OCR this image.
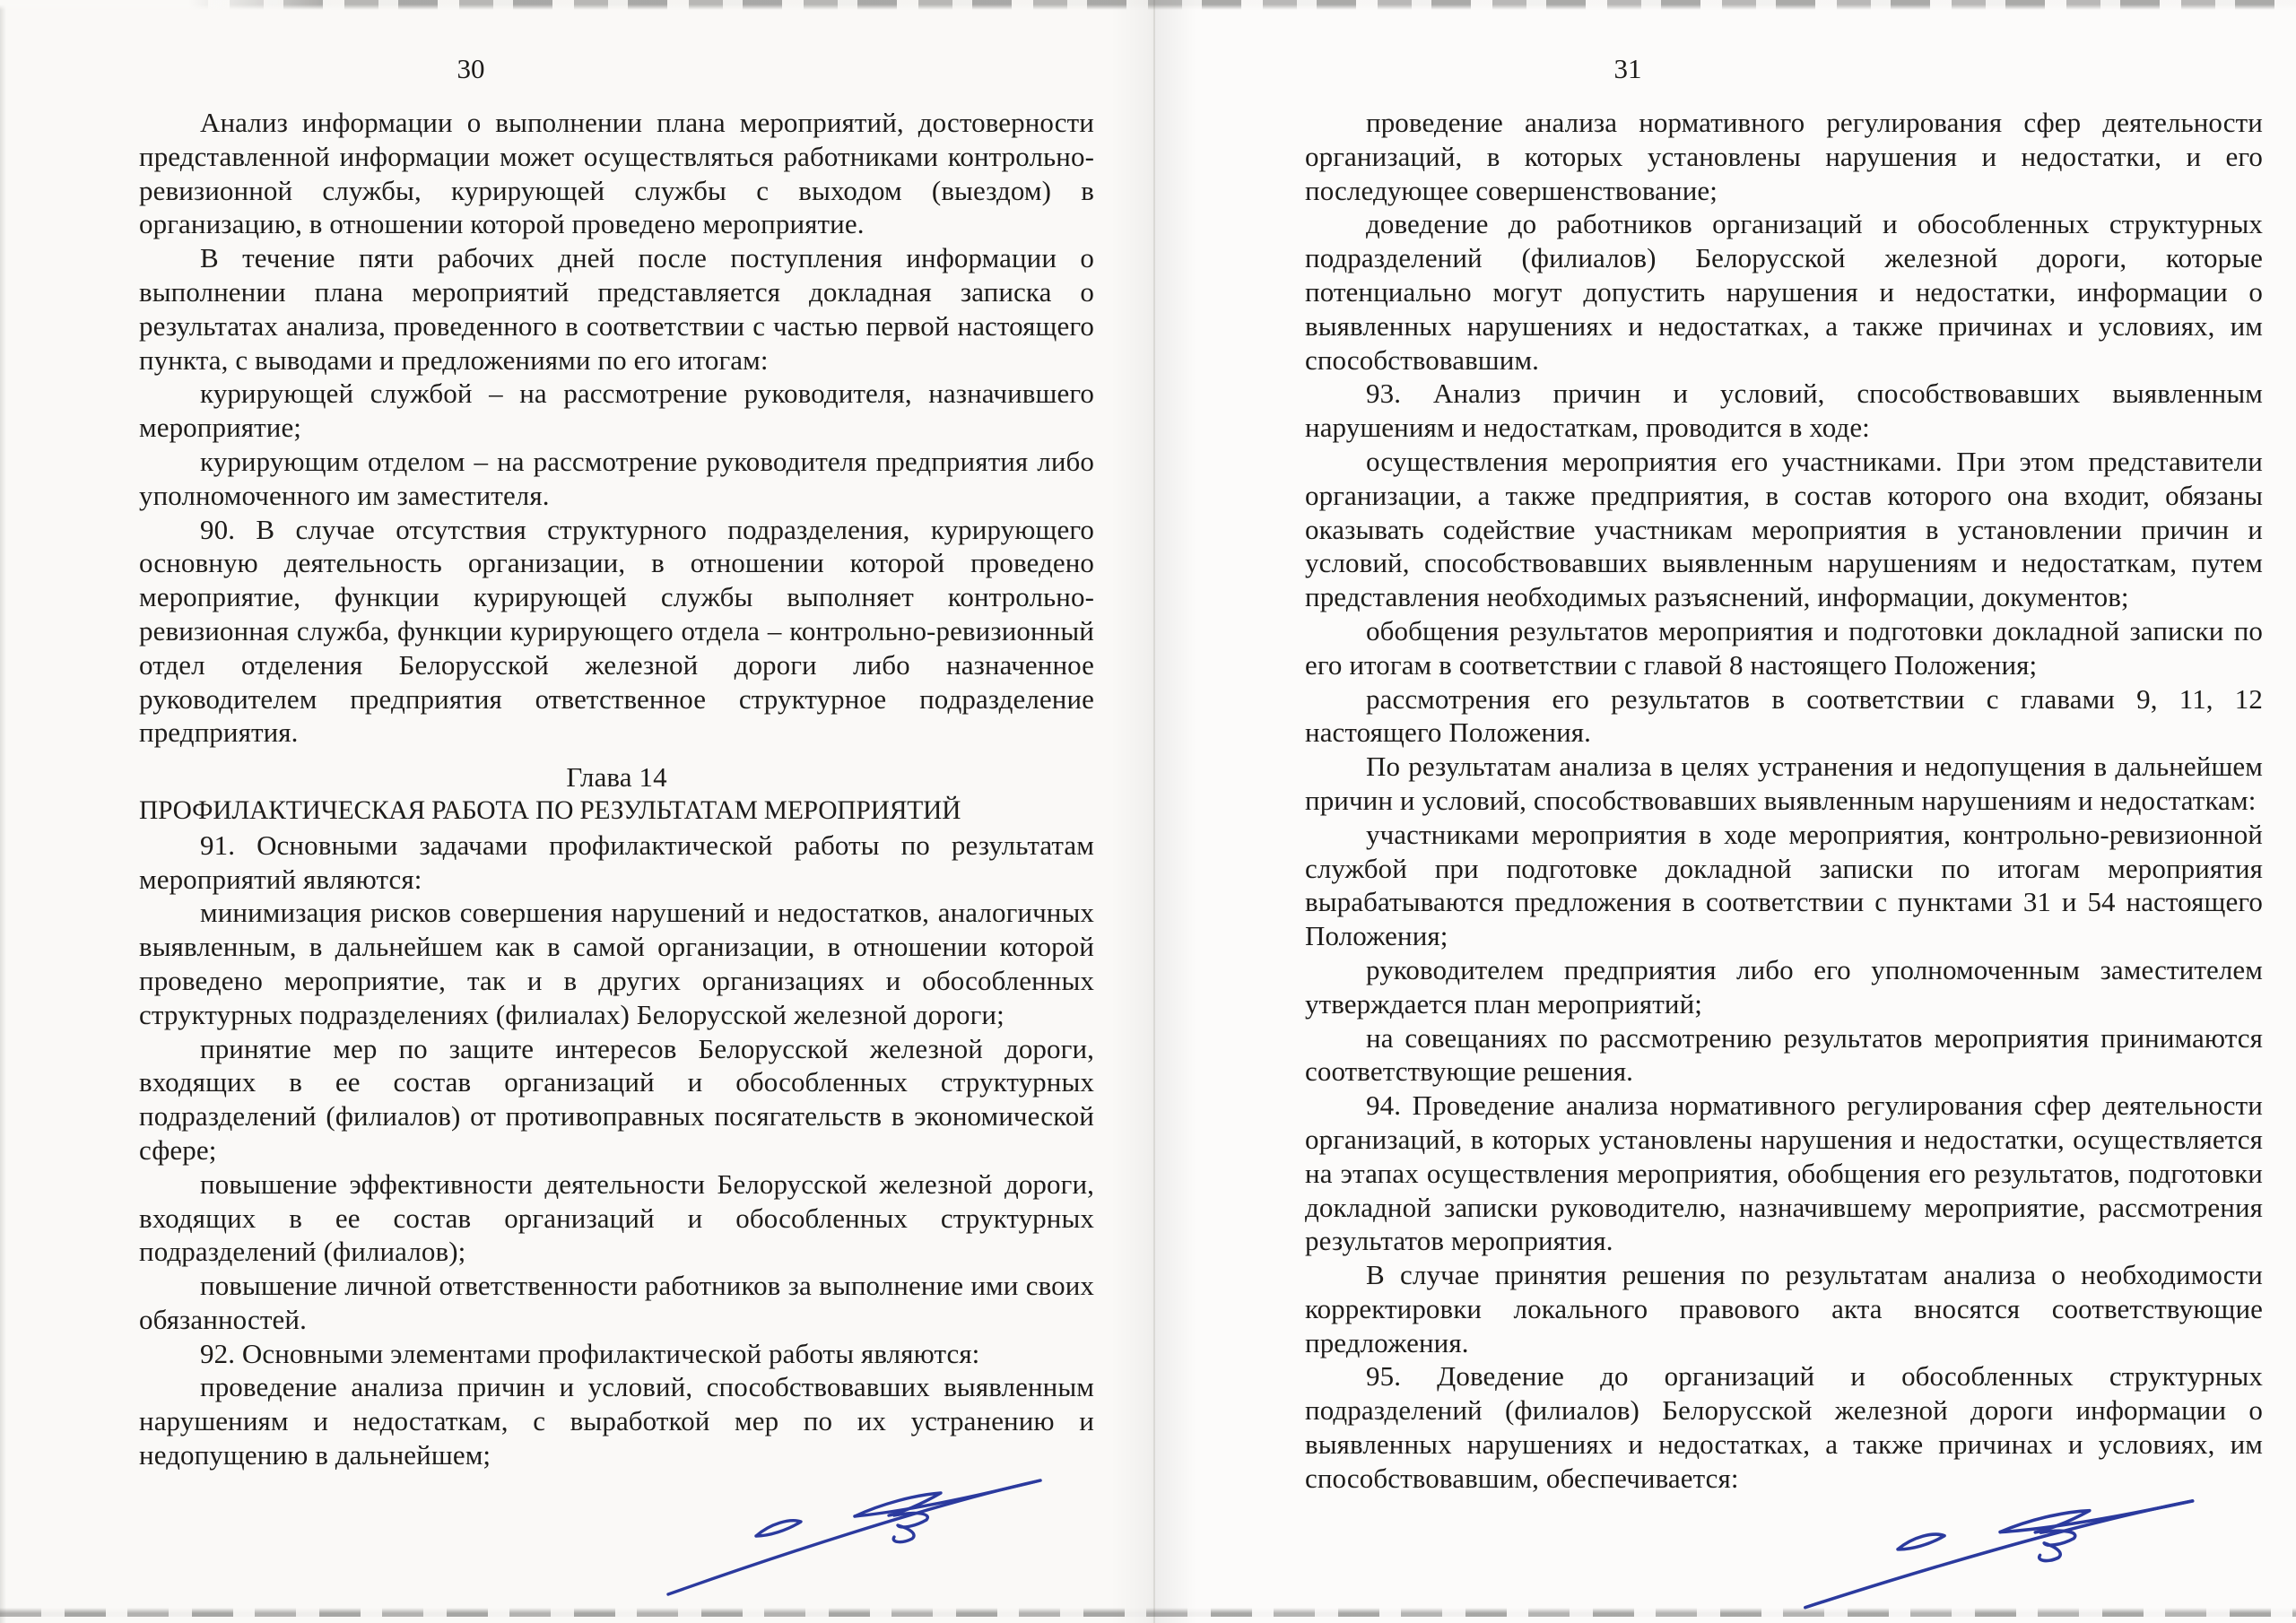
30

Анализ информации о выполнении плана мероприятий, достоверности представленной информации может осуществляться работниками контрольно-ревизионной службы, курирующей службы с выходом (выездом) в организацию, в отношении которой проведено мероприятие.

В течение пяти рабочих дней после поступления информации о выполнении плана мероприятий представляется докладная записка о результатах анализа, проведенного в соответствии с частью первой настоящего пункта, с выводами и предложениями по его итогам:

курирующей службой – на рассмотрение руководителя, назначившего мероприятие;

курирующим отделом – на рассмотрение руководителя предприятия либо уполномоченного им заместителя.

90. В случае отсутствия структурного подразделения, курирующего основную деятельность организации, в отношении которой проведено мероприятие, функции курирующей службы выполняет контрольно-ревизионная служба, функции курирующего отдела – контрольно-ревизионный отдел отделения Белорусской железной дороги либо назначенное руководителем предприятия ответственное структурное подразделение предприятия.

Глава 14

ПРОФИЛАКТИЧЕСКАЯ РАБОТА ПО РЕЗУЛЬТАТАМ МЕРОПРИЯТИЙ

91. Основными задачами профилактической работы по результатам мероприятий являются:

минимизация рисков совершения нарушений и недостатков, аналогичных выявленным, в дальнейшем как в самой организации, в отношении которой проведено мероприятие, так и в других организациях и обособленных структурных подразделениях (филиалах) Белорусской железной дороги;

принятие мер по защите интересов Белорусской железной дороги, входящих в ее состав организаций и обособленных структурных подразделений (филиалов) от противоправных посягательств в экономической сфере;

повышение эффективности деятельности Белорусской железной дороги, входящих в ее состав организаций и обособленных структурных подразделений (филиалов);

повышение личной ответственности работников за выполнение ими своих обязанностей.

92. Основными элементами профилактической работы являются:

проведение анализа причин и условий, способствовавших выявленным нарушениям и недостаткам, с выработкой мер по их устранению и недопущению в дальнейшем;

31

проведение анализа нормативного регулирования сфер деятельности организаций, в которых установлены нарушения и недостатки, и его последующее совершенствование;

доведение до работников организаций и обособленных структурных подразделений (филиалов) Белорусской железной дороги, которые потенциально могут допустить нарушения и недостатки, информации о выявленных нарушениях и недостатках, а также причинах и условиях, им способствовавшим.

93. Анализ причин и условий, способствовавших выявленным нарушениям и недостаткам, проводится в ходе:

осуществления мероприятия его участниками. При этом представители организации, а также предприятия, в состав которого она входит, обязаны оказывать содействие участникам мероприятия в установлении причин и условий, способствовавших выявленным нарушениям и недостаткам, путем представления необходимых разъяснений, информации, документов;

обобщения результатов мероприятия и подготовки докладной записки по его итогам в соответствии с главой 8 настоящего Положения;

рассмотрения его результатов в соответствии с главами 9, 11, 12 настоящего Положения.

По результатам анализа в целях устранения и недопущения в дальнейшем причин и условий, способствовавших выявленным нарушениям и недостаткам:

участниками мероприятия в ходе мероприятия, контрольно-ревизионной службой при подготовке докладной записки по итогам мероприятия вырабатываются предложения в соответствии с пунктами 31 и 54 настоящего Положения;

руководителем предприятия либо его уполномоченным заместителем утверждается план мероприятий;

на совещаниях по рассмотрению результатов мероприятия принимаются соответствующие решения.

94. Проведение анализа нормативного регулирования сфер деятельности организаций, в которых установлены нарушения и недостатки, осуществляется на этапах осуществления мероприятия, обобщения его результатов, подготовки докладной записки руководителю, назначившему мероприятие, рассмотрения результатов мероприятия.

В случае принятия решения по результатам анализа о необходимости корректировки локального правового акта вносятся соответствующие предложения.

95. Доведение до организаций и обособленных структурных подразделений (филиалов) Белорусской железной дороги информации о выявленных нарушениях и недостатках, а также причинах и условиях, им способствовавшим, обеспечивается:
